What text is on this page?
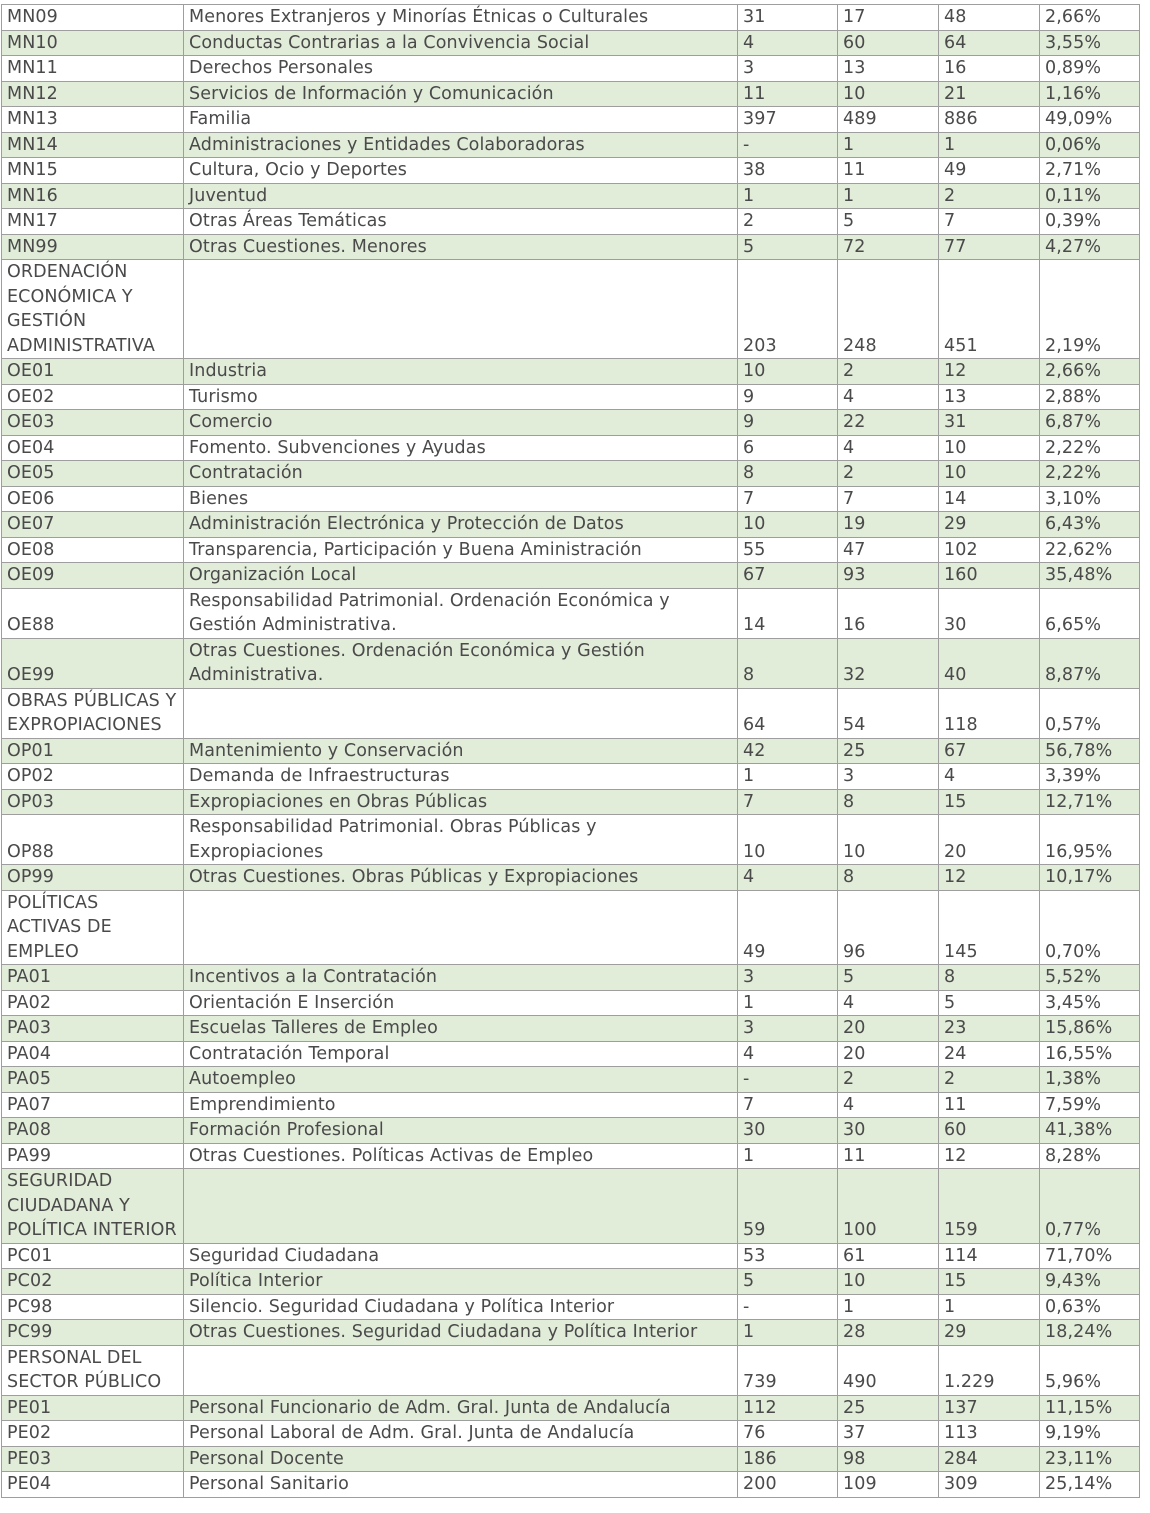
MN09	Menores Extranjeros y Minorías Étnicas o Culturales	31	17	48	2,66%
MN10	Conductas Contrarias a la Convivencia Social	4	60	64	3,55%
MN11	Derechos Personales	3	13	16	0,89%
MN12	Servicios de Información y Comunicación	11	10	21	1,16%
MN13	Familia	397	489	886	49,09%
MN14	Administraciones y Entidades Colaboradoras	-	1	1	0,06%
MN15	Cultura, Ocio y Deportes	38	11	49	2,71%
MN16	Juventud	1	1	2	0,11%
MN17	Otras Áreas Temáticas	2	5	7	0,39%
MN99	Otras Cuestiones. Menores	5	72	77	4,27%
ORDENACIÓN ECONÓMICA Y GESTIÓN ADMINISTRATIVA		203	248	451	2,19%
OE01	Industria	10	2	12	2,66%
OE02	Turismo	9	4	13	2,88%
OE03	Comercio	9	22	31	6,87%
OE04	Fomento. Subvenciones y Ayudas	6	4	10	2,22%
OE05	Contratación	8	2	10	2,22%
OE06	Bienes	7	7	14	3,10%
OE07	Administración Electrónica y Protección de Datos	10	19	29	6,43%
OE08	Transparencia, Participación y Buena Aministración	55	47	102	22,62%
OE09	Organización Local	67	93	160	35,48%
OE88	Responsabilidad Patrimonial. Ordenación Económica y Gestión Administrativa.	14	16	30	6,65%
OE99	Otras Cuestiones. Ordenación Económica y Gestión Administrativa.	8	32	40	8,87%
OBRAS PÚBLICAS Y EXPROPIACIONES		64	54	118	0,57%
OP01	Mantenimiento y Conservación	42	25	67	56,78%
OP02	Demanda de Infraestructuras	1	3	4	3,39%
OP03	Expropiaciones en Obras Públicas	7	8	15	12,71%
OP88	Responsabilidad Patrimonial. Obras Públicas y Expropiaciones	10	10	20	16,95%
OP99	Otras Cuestiones. Obras Públicas y Expropiaciones	4	8	12	10,17%
POLÍTICAS ACTIVAS DE EMPLEO		49	96	145	0,70%
PA01	Incentivos a la Contratación	3	5	8	5,52%
PA02	Orientación E Inserción	1	4	5	3,45%
PA03	Escuelas Talleres de Empleo	3	20	23	15,86%
PA04	Contratación Temporal	4	20	24	16,55%
PA05	Autoempleo	-	2	2	1,38%
PA07	Emprendimiento	7	4	11	7,59%
PA08	Formación Profesional	30	30	60	41,38%
PA99	Otras Cuestiones. Políticas Activas de Empleo	1	11	12	8,28%
SEGURIDAD CIUDADANA Y POLÍTICA INTERIOR		59	100	159	0,77%
PC01	Seguridad Ciudadana	53	61	114	71,70%
PC02	Política Interior	5	10	15	9,43%
PC98	Silencio. Seguridad Ciudadana y Política Interior	-	1	1	0,63%
PC99	Otras Cuestiones. Seguridad Ciudadana y Política Interior	1	28	29	18,24%
PERSONAL DEL SECTOR PÚBLICO		739	490	1.229	5,96%
PE01	Personal Funcionario de Adm. Gral. Junta de Andalucía	112	25	137	11,15%
PE02	Personal Laboral de Adm. Gral. Junta de Andalucía	76	37	113	9,19%
PE03	Personal Docente	186	98	284	23,11%
PE04	Personal Sanitario	200	109	309	25,14%
